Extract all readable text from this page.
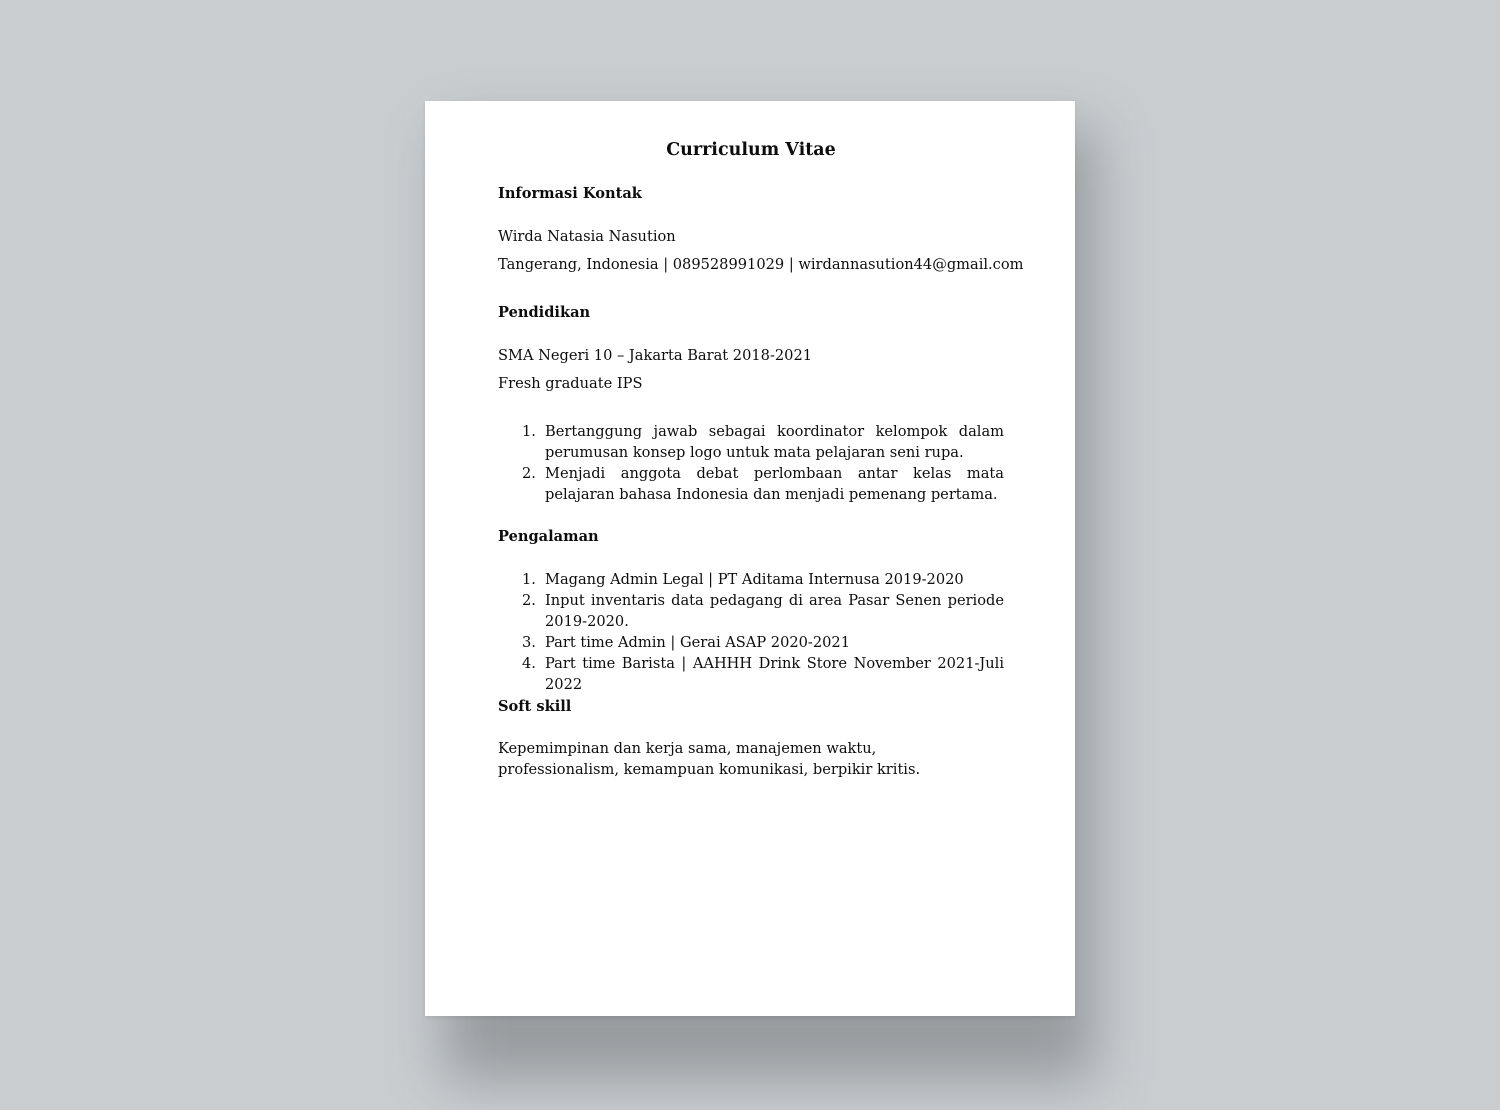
Curriculum Vitae
Informasi Kontak
Wirda Natasia Nasution
Tangerang, Indonesia | 089528991029 | wirdannasution44@gmail.com
Pendidikan
SMA Negeri 10 – Jakarta Barat 2018-2021
Fresh graduate IPS
1. Bertanggung jawab sebagai koordinator kelompok dalam perumusan konsep logo untuk mata pelajaran seni rupa.
2. Menjadi anggota debat perlombaan antar kelas mata pelajaran bahasa Indonesia dan menjadi pemenang pertama.
Pengalaman
1. Magang Admin Legal | PT Aditama Internusa 2019-2020
2. Input inventaris data pedagang di area Pasar Senen periode 2019-2020.
3. Part time Admin | Gerai ASAP 2020-2021
4. Part time Barista | AAHHH Drink Store November 2021-Juli 2022
Soft skill
Kepemimpinan dan kerja sama, manajemen waktu, professionalism, kemampuan komunikasi, berpikir kritis.
